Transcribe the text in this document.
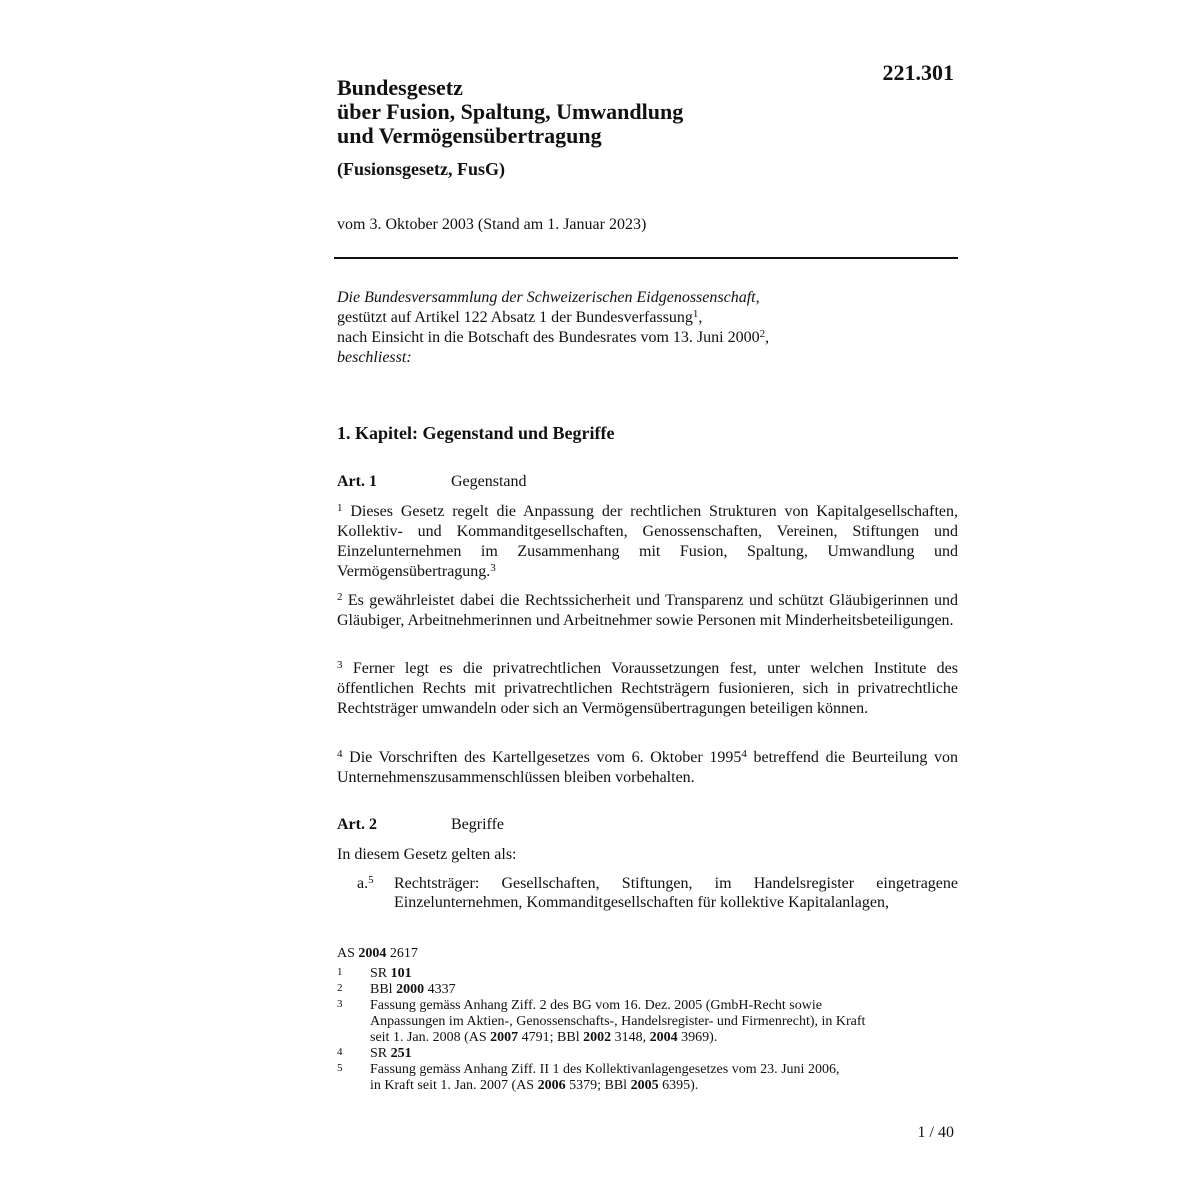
221.301
Bundesgesetz
über Fusion, Spaltung, Umwandlung
und Vermögensübertragung
(Fusionsgesetz, FusG)
vom 3. Oktober 2003 (Stand am 1. Januar 2023)
Die Bundesversammlung der Schweizerischen Eidgenossenschaft,
gestützt auf Artikel 122 Absatz 1 der Bundesverfassung$^1$,
nach Einsicht in die Botschaft des Bundesrates vom 13. Juni 2000$^2$,
beschliesst:
1. Kapitel: Gegenstand und Begriffe
Art. 1	Gegenstand
$^1$ Dieses Gesetz regelt die Anpassung der rechtlichen Strukturen von Kapitalgesellschaften, Kollektiv- und Kommanditgesellschaften, Genossenschaften, Vereinen, Stiftungen und Einzelunternehmen im Zusammenhang mit Fusion, Spaltung, Umwandlung und Vermögensübertragung.$^3$
$^2$ Es gewährleistet dabei die Rechtssicherheit und Transparenz und schützt Gläubigerinnen und Gläubiger, Arbeitnehmerinnen und Arbeitnehmer sowie Personen mit Minderheitsbeteiligungen.
$^3$ Ferner legt es die privatrechtlichen Voraussetzungen fest, unter welchen Institute des öffentlichen Rechts mit privatrechtlichen Rechtsträgern fusionieren, sich in privatrechtliche Rechtsträger umwandeln oder sich an Vermögensübertragungen beteiligen können.
$^4$ Die Vorschriften des Kartellgesetzes vom 6. Oktober 1995$^4$ betreffend die Beurteilung von Unternehmenszusammenschlüssen bleiben vorbehalten.
Art. 2	Begriffe
In diesem Gesetz gelten als:
a.$^5$ Rechtsträger: Gesellschaften, Stiftungen, im Handelsregister eingetragene Einzelunternehmen, Kommanditgesellschaften für kollektive Kapitalanlagen,
AS 2004 2617
1 SR 101
2 BBl 2000 4337
3 Fassung gemäss Anhang Ziff. 2 des BG vom 16. Dez. 2005 (GmbH-Recht sowie
Anpassungen im Aktien-, Genossenschafts-, Handelsregister- und Firmenrecht), in Kraft
seit 1. Jan. 2008 (AS 2007 4791; BBl 2002 3148, 2004 3969).
4 SR 251
5 Fassung gemäss Anhang Ziff. II 1 des Kollektivanlagengesetzes vom 23. Juni 2006,
in Kraft seit 1. Jan. 2007 (AS 2006 5379; BBl 2005 6395).
1 / 40
